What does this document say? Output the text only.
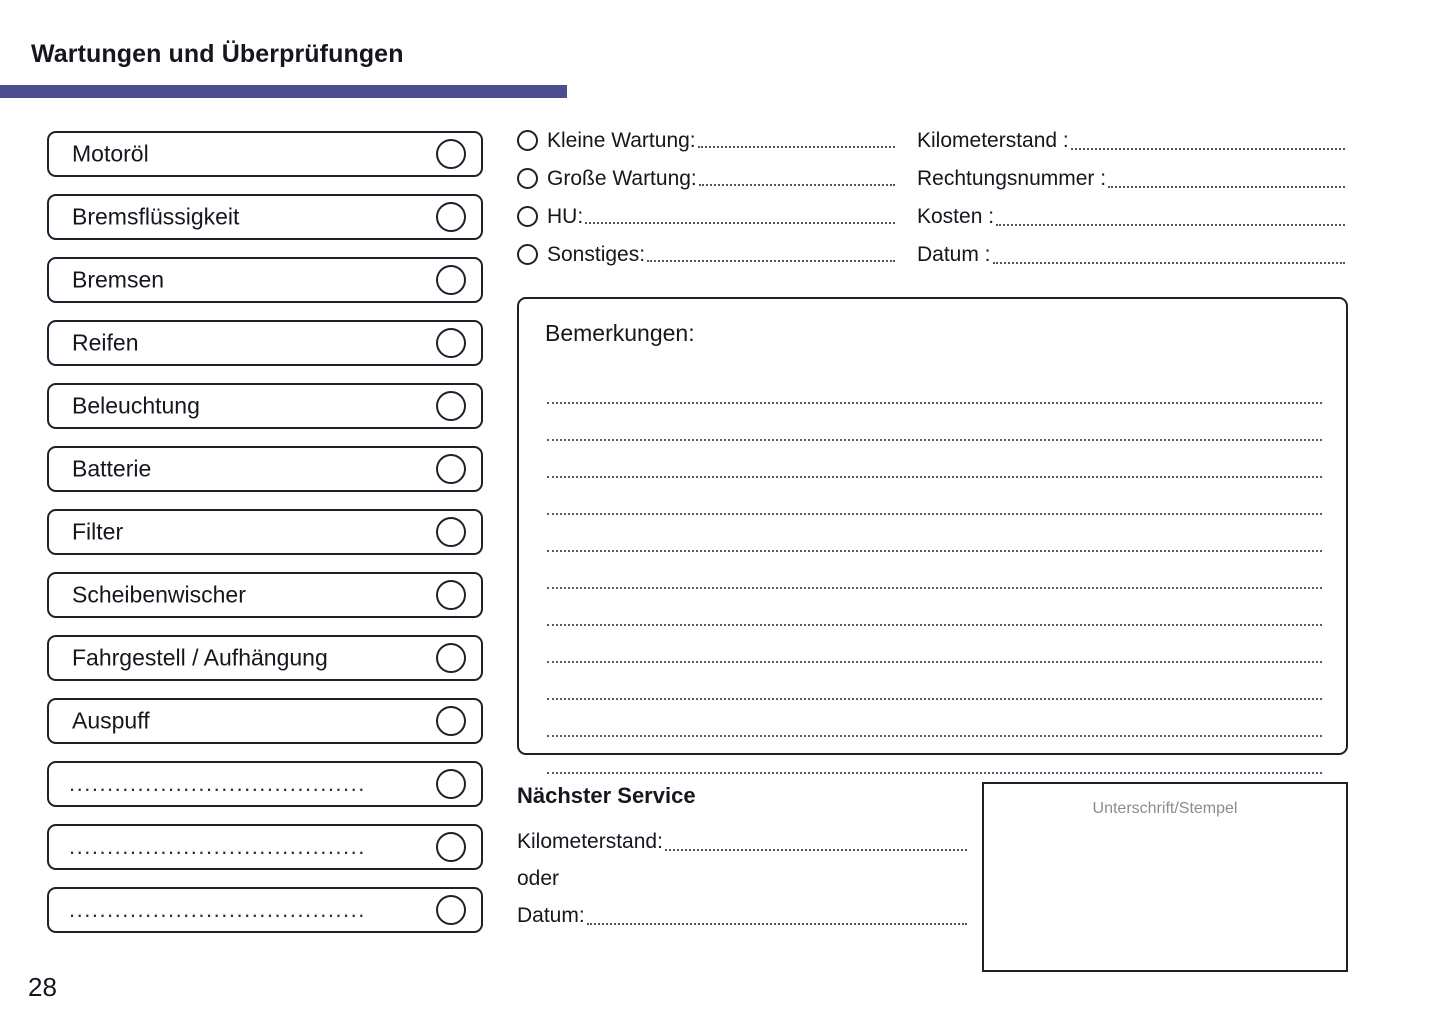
Wartungen und Überprüfungen
Motoröl
Bremsflüssigkeit
Bremsen
Reifen
Beleuchtung
Batterie
Filter
Scheibenwischer
Fahrgestell / Aufhängung
Auspuff
.......................................
.......................................
.......................................
Kleine Wartung:
Große Wartung:
HU:
Sonstiges:
Kilometerstand :
Rechtungsnummer :
Kosten :
Datum :
Bemerkungen:
Nächster Service
Kilometerstand:
oder
Datum:
Unterschrift/Stempel
28
